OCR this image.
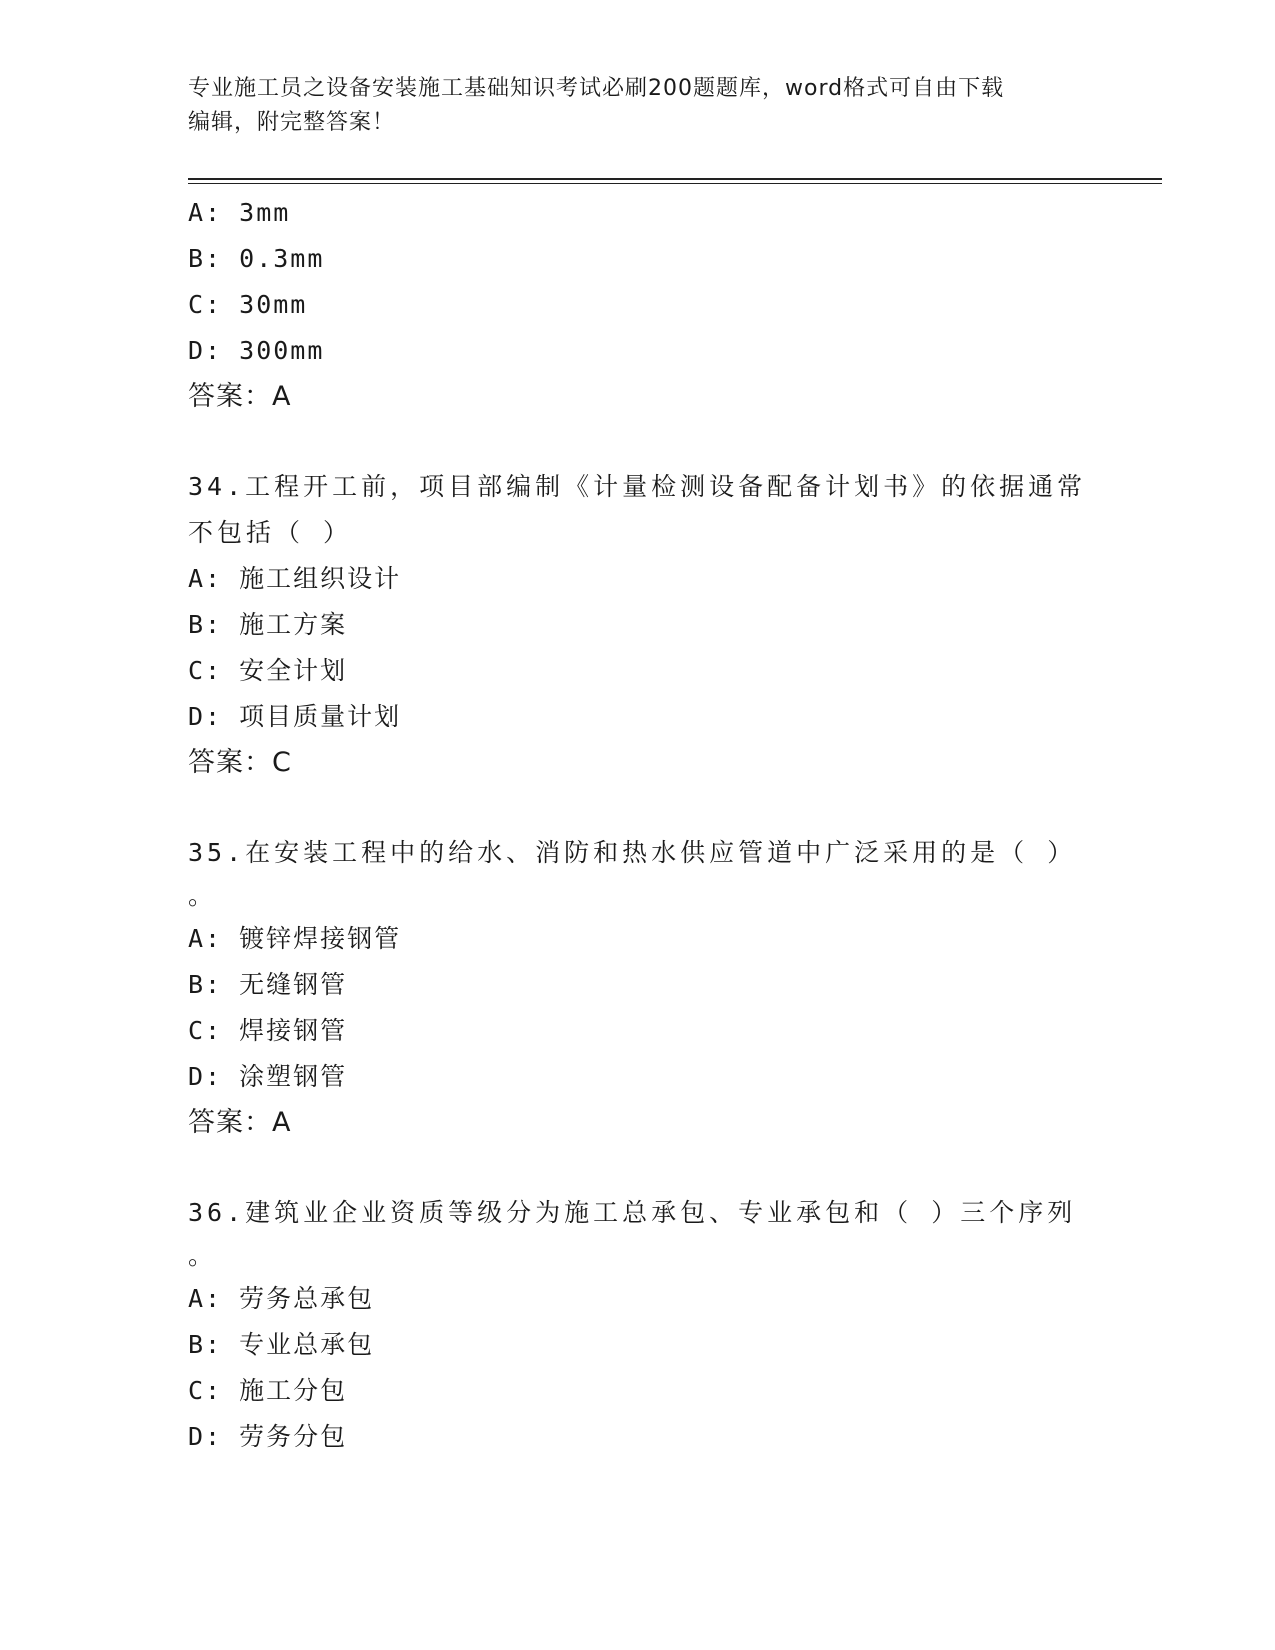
专业施工员之设备安装施工基础知识考试必刷200题题库，word格式可自由下载
编辑，附完整答案！
A: 3mm
B: 0.3mm
C: 30mm
D: 300mm
答案：A
34.工程开工前，项目部编制《计量检测设备配备计划书》的依据通常
不包括（ ）
A: 施工组织设计
B: 施工方案
C: 安全计划
D: 项目质量计划
答案：C
35.在安装工程中的给水、消防和热水供应管道中广泛采用的是（ ）
。
A: 镀锌焊接钢管
B: 无缝钢管
C: 焊接钢管
D: 涂塑钢管
答案：A
36.建筑业企业资质等级分为施工总承包、专业承包和（ ）三个序列
。
A: 劳务总承包
B: 专业总承包
C: 施工分包
D: 劳务分包
